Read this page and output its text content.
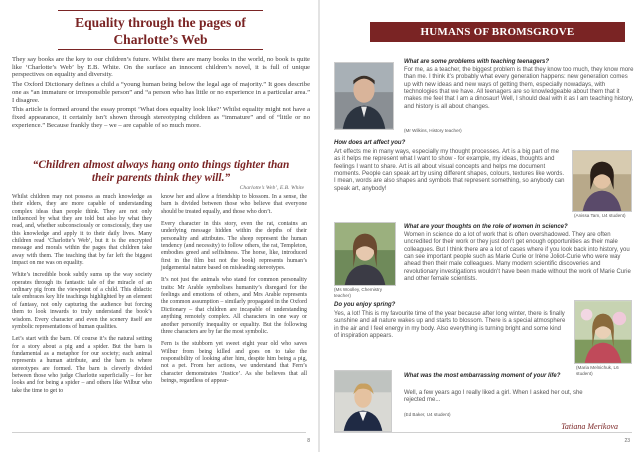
Equality through the pages of
Charlotte’s Web

They say books are the key to our children’s future. Whilst there are many books in the world, no book is quite like ‘Charlotte’s Web’ by E.B. White. On the surface an innocent children’s novel, it is full of unique perspectives on equality and diversity.

The Oxford Dictionary defines a child a “young human being below the legal age of majority.” It goes describe one as “an immature or irresponsible person” and “a person who has little or no experience in a particular area.” I disagree.

This article is formed around the essay prompt ‘What does equality look like?’ Whilst equality might not have a fixed appearance, it certainly isn’t shown through stereotyping children as “immature” and of “little or no experience.” Because frankly they – we – are capable of so much more.

“Children almost always hang onto things tighter than their parents think they will.”
Charlotte’s Web’, E.B. White

Whilst children may not possess as much knowledge as their elders, they are more capable of understanding complex ideas than people think. They are not only influenced by what they are told but also by what they read, and, whether subconsciously or consciously, they use this knowledge and apply it to their daily lives. Many children read ‘Charlotte’s Web’, but it is the encrypted message and morals within the pages that children take away with them. The teaching that by far left the biggest impact on me was on equality.

White’s incredible book subtly sums up the way society operates through its fantastic tale of the miracle of an ordinary pig from the viewpoint of a child. This didactic tale embraces key life teachings highlighted by an element of fantasy, not only capturing the audience but forcing them to look inwards to truly understand the book’s wisdom. Every character and even the scenery itself are symbolic representations of human qualities.

Let’s start with the barn. Of course it’s the natural setting for a story about a pig and a spider. But the barn is fundamental as a metaphor for our society; each animal represents a human attribute, and the barn is where stereotypes are formed. The barn is cleverly divided between those who judge Charlotte superficially – for her looks and for being a spider – and others like Wilbur who take the time to get to

know her and allow a friendship to blossom. In a sense, the barn is divided between those who believe that everyone should be treated equally, and those who don’t.

Every character in this story, even the rat, contains an underlying message hidden within the depths of their personality and attributes. The sheep represent the human tendency (and necessity) to follow others, the rat, Templeton, embodies greed and selfishness. The horse, like, introduced first in the film but not the book) represents human’s judgemental nature based on misleading stereotypes.

It’s not just the animals who stand for common personality traits: Mr Arable symbolises humanity’s disregard for the feelings and emotions of others, and Mrs Arable represents the common assumption – similarly propagated in the Oxford Dictionary – that children are incapable of understanding anything remotely complex. All characters in one way or another personify inequality or equality. But the following three characters are by far the most symbolic.

Fern is the stubborn yet sweet eight year old who saves Wilbur from being killed and goes on to take the responsibility of looking after him, despite him being a pig, not a pet. From her actions, we understand that Fern’s character demonstrates ‘Justice’. As she believes that all beings, regardless of appear-

8
HUMANS OF BROMSGROVE
What are some problems with teaching teenagers?
For me, as a teacher, the biggest problem is that they know too much, they know more than me. I think it’s probably what every generation happens: new generation comes up with new ideas and new ways of getting them, especially nowadays, with technologies that we have. All teenagers are so knowledgeable about them that it makes me feel that I am a dinosaur! Well, I should deal with it as I am teaching history, and history is all about changes.
(Mr Wilkins, History teacher)
How does art affect you?
Art effects me in many ways, especially my thought processes. Art is a big part of me as it helps me represent what I want to show - for example, my ideas, thoughts and feelings I want to share. Art is all about visual concepts and helps me document moments. People can speak art by using different shapes, colours, textures like words. I mean, words are also shapes and symbols that represent something, so anybody can speak art, anybody!
(Anissa Tam, U4 student)
What are your thoughts on the role of women in science?
Women in science do a lot of work that is often overshadowed. They are often uncredited for their work or they just don’t get enough opportunities as their male colleagues. But I think there are a lot of cases where if you look back into history, you can see important people such as Marie Curie or Irène Joliot-Curie who were way ahead then their male colleagues. Many modern scientific discoveries and revolutionary investigations wouldn’t have been made without the work of Marie Curie and other female scientists.
(Ms Woolley, Chemistry teacher)
Do you enjoy spring?
Yes, a lot! This is my favourite time of the year because after long winter, there is finally sunshine and all nature wakes up and starts to blossom. There is a special atmosphere in the air and I feel energy in my body. Also everything is turning bright and some kind of inspiration appears.
(Maria Melnichuk, L6 student)
What was the most embarrassing moment of your life?
Well, a few years ago I really liked a girl. When I asked her out, she rejected me...
(Ed Baker, U4 student)
Tatiana Merikova
23
